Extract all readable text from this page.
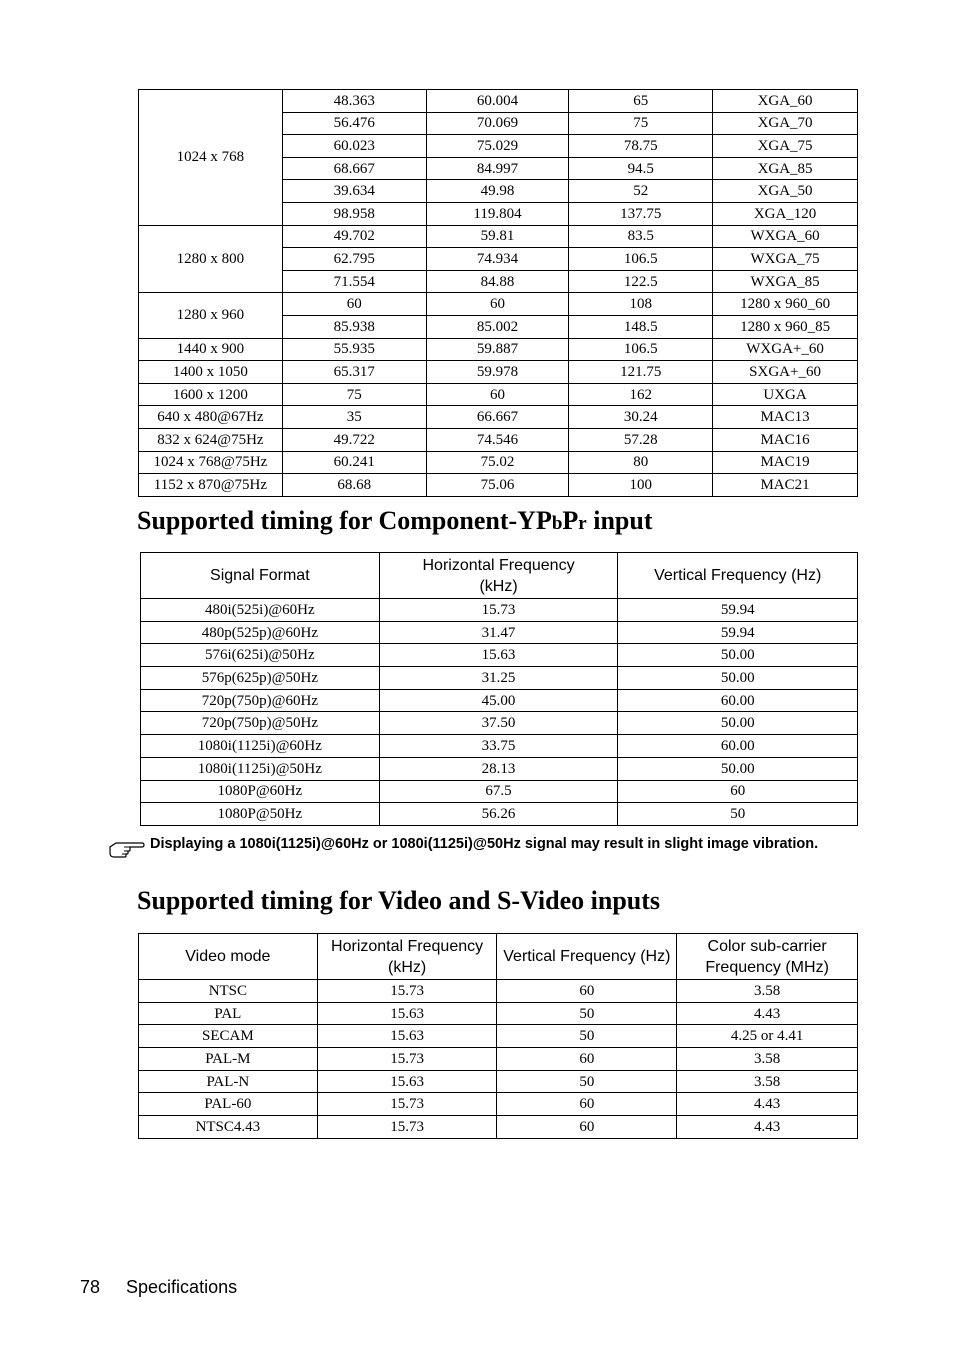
1024 x 768	48.363	60.004	65	XGA_60
	56.476	70.069	75	XGA_70
	60.023	75.029	78.75	XGA_75
	68.667	84.997	94.5	XGA_85
	39.634	49.98	52	XGA_50
	98.958	119.804	137.75	XGA_120
1280 x 800	49.702	59.81	83.5	WXGA_60
	62.795	74.934	106.5	WXGA_75
	71.554	84.88	122.5	WXGA_85
1280 x 960	60	60	108	1280 x 960_60
	85.938	85.002	148.5	1280 x 960_85
1440 x 900	55.935	59.887	106.5	WXGA+_60
1400 x 1050	65.317	59.978	121.75	SXGA+_60
1600 x 1200	75	60	162	UXGA
640 x 480@67Hz	35	66.667	30.24	MAC13
832 x 624@75Hz	49.722	74.546	57.28	MAC16
1024 x 768@75Hz	60.241	75.02	80	MAC19
1152 x 870@75Hz	68.68	75.06	100	MAC21
Supported timing for Component-YPbPr input
Signal Format	Horizontal Frequency (kHz)	Vertical Frequency (Hz)
480i(525i)@60Hz	15.73	59.94
480p(525p)@60Hz	31.47	59.94
576i(625i)@50Hz	15.63	50.00
576p(625p)@50Hz	31.25	50.00
720p(750p)@60Hz	45.00	60.00
720p(750p)@50Hz	37.50	50.00
1080i(1125i)@60Hz	33.75	60.00
1080i(1125i)@50Hz	28.13	50.00
1080P@60Hz	67.5	60
1080P@50Hz	56.26	50
Displaying a 1080i(1125i)@60Hz or 1080i(1125i)@50Hz signal may result in slight image vibration.
Supported timing for Video and S-Video inputs
Video mode	Horizontal Frequency (kHz)	Vertical Frequency (Hz)	Color sub-carrier Frequency (MHz)
NTSC	15.73	60	3.58
PAL	15.63	50	4.43
SECAM	15.63	50	4.25 or 4.41
PAL-M	15.73	60	3.58
PAL-N	15.63	50	3.58
PAL-60	15.73	60	4.43
NTSC4.43	15.73	60	4.43
78 Specifications
